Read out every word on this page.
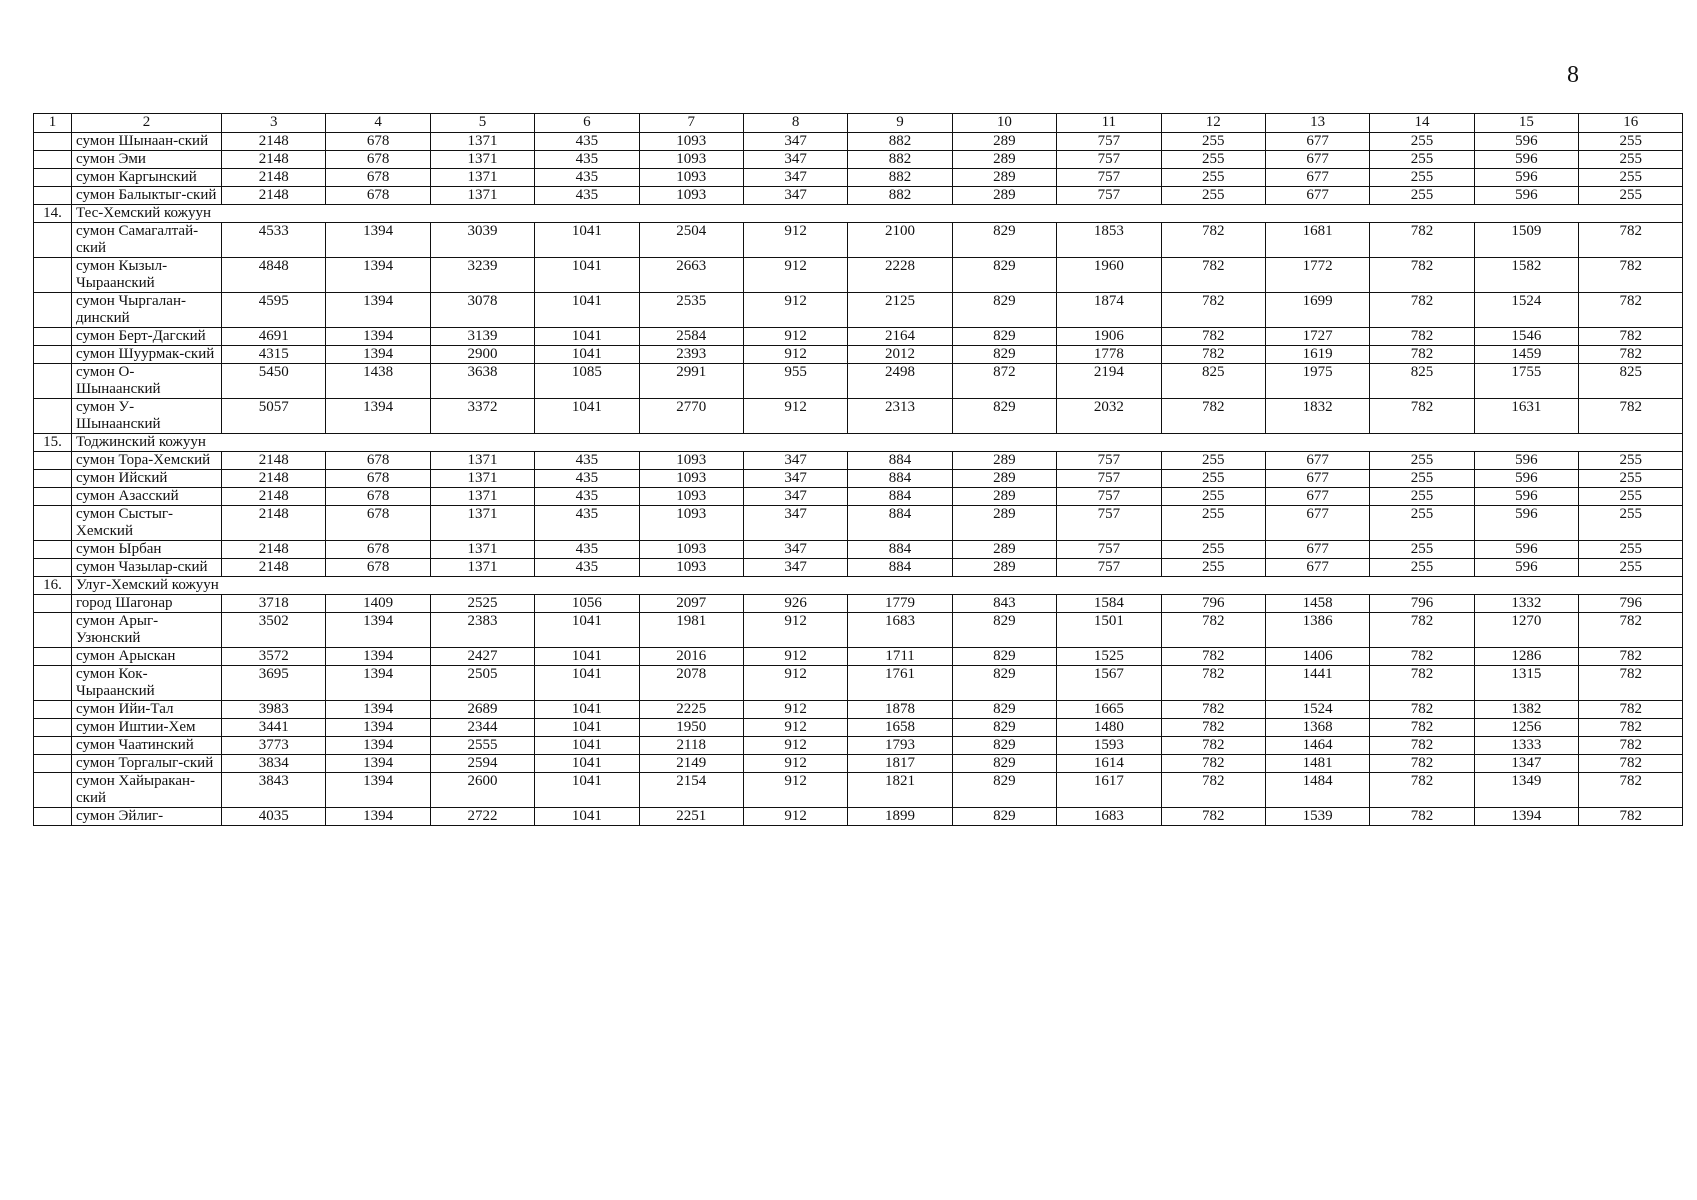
8
1	2	3	4	5	6	7	8	9	10	11	12	13	14	15	16
	сумон Шынаан-ский	2148	678	1371	435	1093	347	882	289	757	255	677	255	596	255
	сумон Эми	2148	678	1371	435	1093	347	882	289	757	255	677	255	596	255
	сумон Каргынский	2148	678	1371	435	1093	347	882	289	757	255	677	255	596	255
	сумон Балыктыг-ский	2148	678	1371	435	1093	347	882	289	757	255	677	255	596	255
14.	Тес-Хемский кожуун														
	сумон Самагалтай-ский	4533	1394	3039	1041	2504	912	2100	829	1853	782	1681	782	1509	782
	сумон Кызыл-Чыраанский	4848	1394	3239	1041	2663	912	2228	829	1960	782	1772	782	1582	782
	сумон Чыргалан-динский	4595	1394	3078	1041	2535	912	2125	829	1874	782	1699	782	1524	782
	сумон Берт-Дагский	4691	1394	3139	1041	2584	912	2164	829	1906	782	1727	782	1546	782
	сумон Шуурмак-ский	4315	1394	2900	1041	2393	912	2012	829	1778	782	1619	782	1459	782
	сумон О-Шынаанский	5450	1438	3638	1085	2991	955	2498	872	2194	825	1975	825	1755	825
	сумон У-Шынаанский	5057	1394	3372	1041	2770	912	2313	829	2032	782	1832	782	1631	782
15.	Тоджинский кожуун														
	сумон Тора-Хемский	2148	678	1371	435	1093	347	884	289	757	255	677	255	596	255
	сумон Ийский	2148	678	1371	435	1093	347	884	289	757	255	677	255	596	255
	сумон Азасский	2148	678	1371	435	1093	347	884	289	757	255	677	255	596	255
	сумон Сыстыг-Хемский	2148	678	1371	435	1093	347	884	289	757	255	677	255	596	255
	сумон Ырбан	2148	678	1371	435	1093	347	884	289	757	255	677	255	596	255
	сумон Чазылар-ский	2148	678	1371	435	1093	347	884	289	757	255	677	255	596	255
16.	Улуг-Хемский кожуун														
	город Шагонар	3718	1409	2525	1056	2097	926	1779	843	1584	796	1458	796	1332	796
	сумон Арыг-Узюнский	3502	1394	2383	1041	1981	912	1683	829	1501	782	1386	782	1270	782
	сумон Арыскан	3572	1394	2427	1041	2016	912	1711	829	1525	782	1406	782	1286	782
	сумон Кок-Чыраанский	3695	1394	2505	1041	2078	912	1761	829	1567	782	1441	782	1315	782
	сумон Ийи-Тал	3983	1394	2689	1041	2225	912	1878	829	1665	782	1524	782	1382	782
	сумон Иштии-Хем	3441	1394	2344	1041	1950	912	1658	829	1480	782	1368	782	1256	782
	сумон Чаатинский	3773	1394	2555	1041	2118	912	1793	829	1593	782	1464	782	1333	782
	сумон Торгалыг-ский	3834	1394	2594	1041	2149	912	1817	829	1614	782	1481	782	1347	782
	сумон Хайыракан-ский	3843	1394	2600	1041	2154	912	1821	829	1617	782	1484	782	1349	782
	сумон Эйлиг-	4035	1394	2722	1041	2251	912	1899	829	1683	782	1539	782	1394	782
